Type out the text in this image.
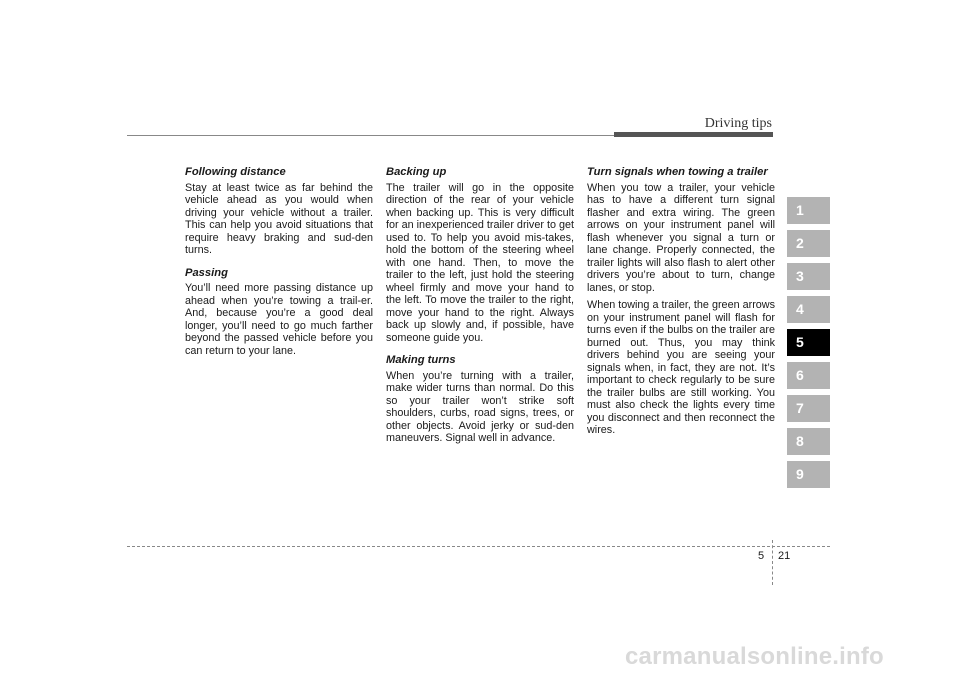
Driving tips
Following distance
Stay at least twice as far behind the vehicle ahead as you would when driving your vehicle without a trailer. This can help you avoid situations that require heavy braking and sud-den turns.
Passing
You’ll need more passing distance up ahead when you’re towing a trail-er. And, because you’re a good deal longer, you’ll need to go much farther beyond the passed vehicle before you can return to your lane.
Backing up
The trailer will go in the opposite direction of the rear of your vehicle when backing up. This is very difficult for an inexperienced trailer driver to get used to. To help you avoid mis-takes, hold the bottom of the steering wheel with one hand. Then, to move the trailer to the left, just hold the steering wheel firmly and move your hand to the left. To move the trailer to the right, move your hand to the right. Always back up slowly and, if possible, have someone guide you.
Making turns
When you’re turning with a trailer, make wider turns than normal. Do this so your trailer won’t strike soft shoulders, curbs, road signs, trees, or other objects. Avoid jerky or sud-den maneuvers. Signal well in advance.
Turn signals when towing a trailer
When you tow a trailer, your vehicle has to have a different turn signal flasher and extra wiring. The green arrows on your instrument panel will flash whenever you signal a turn or lane change. Properly connected, the trailer lights will also flash to alert other drivers you’re about to turn, change lanes, or stop.
When towing a trailer, the green arrows on your instrument panel will flash for turns even if the bulbs on the trailer are burned out. Thus, you may think drivers behind you are seeing your signals when, in fact, they are not. It’s important to check regularly to be sure the trailer bulbs are still working. You must also check the lights every time you disconnect and then reconnect the wires.
1
2
3
4
5
6
7
8
9
5 21
carmanualsonline.info
